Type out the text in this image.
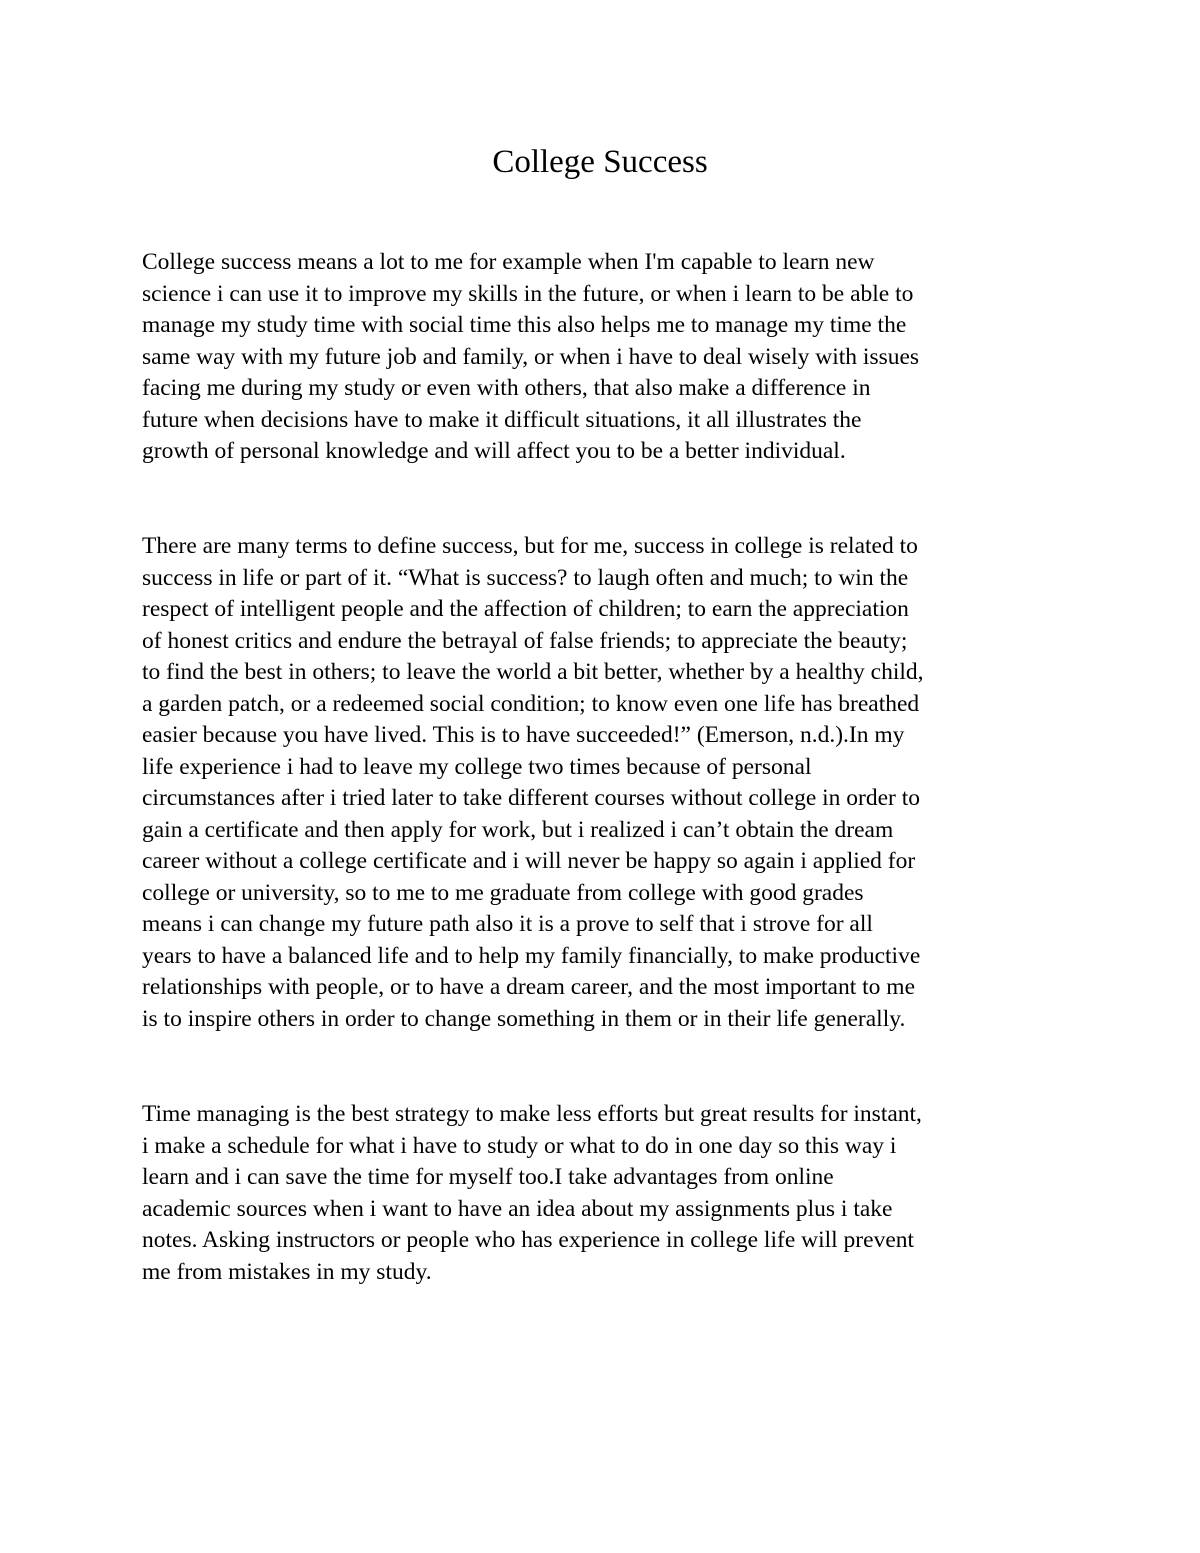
College Success

College success means a lot to me for example when I'm capable to learn new
science i can use it to improve my skills in the future, or when i learn to be able to
manage my study time with social time this also helps me to manage my time the
same way with my future job and family, or when i have to deal wisely with issues
facing me during my study or even with others, that also make a difference in
future when decisions have to make it difficult situations, it all illustrates the
growth of personal knowledge and will affect you to be a better individual.

There are many terms to define success, but for me, success in college is related to
success in life or part of it. “What is success? to laugh often and much; to win the
respect of intelligent people and the affection of children; to earn the appreciation
of honest critics and endure the betrayal of false friends; to appreciate the beauty;
to find the best in others; to leave the world a bit better, whether by a healthy child,
a garden patch, or a redeemed social condition; to know even one life has breathed
easier because you have lived. This is to have succeeded!” (Emerson, n.d.).In my
life experience i had to leave my college two times because of personal
circumstances after i tried later to take different courses without college in order to
gain a certificate and then apply for work, but i realized i can’t obtain the dream
career without a college certificate and i will never be happy so again i applied for
college or university, so to me to me graduate from college with good grades
means i can change my future path also it is a prove to self that i strove for all
years to have a balanced life and to help my family financially, to make productive
relationships with people, or to have a dream career, and the most important to me
is to inspire others in order to change something in them or in their life generally.

Time managing is the best strategy to make less efforts but great results for instant,
i make a schedule for what i have to study or what to do in one day so this way i
learn and i can save the time for myself too.I take advantages from online
academic sources when i want to have an idea about my assignments plus i take
notes. Asking instructors or people who has experience in college life will prevent
me from mistakes in my study.
